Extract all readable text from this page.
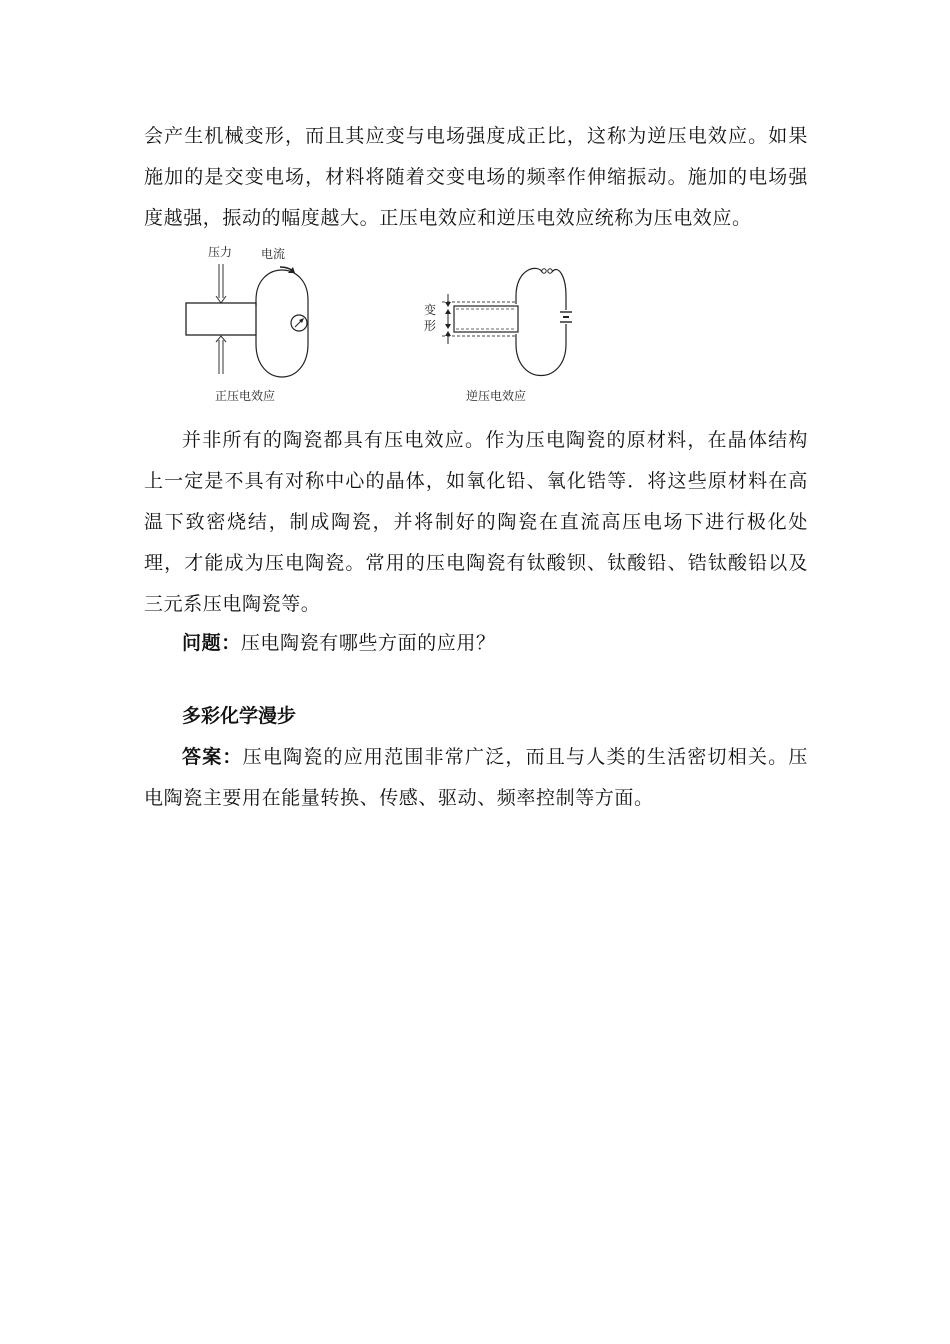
会产生机械变形，而且其应变与电场强度成正比，这称为逆压电效应。如果施加的是交变电场，材料将随着交变电场的频率作伸缩振动。施加的电场强度越强，振动的幅度越大。正压电效应和逆压电效应统称为压电效应。
压力 电流
正压电效应
变
形
逆压电效应
并非所有的陶瓷都具有压电效应。作为压电陶瓷的原材料，在晶体结构上一定是不具有对称中心的晶体，如氧化铅、氧化锆等．将这些原材料在高温下致密烧结，制成陶瓷，并将制好的陶瓷在直流高压电场下进行极化处理，才能成为压电陶瓷。常用的压电陶瓷有钛酸钡、钛酸铅、锆钛酸铅以及三元系压电陶瓷等。
问题：压电陶瓷有哪些方面的应用？
多彩化学漫步
答案：压电陶瓷的应用范围非常广泛，而且与人类的生活密切相关。压电陶瓷主要用在能量转换、传感、驱动、频率控制等方面。
